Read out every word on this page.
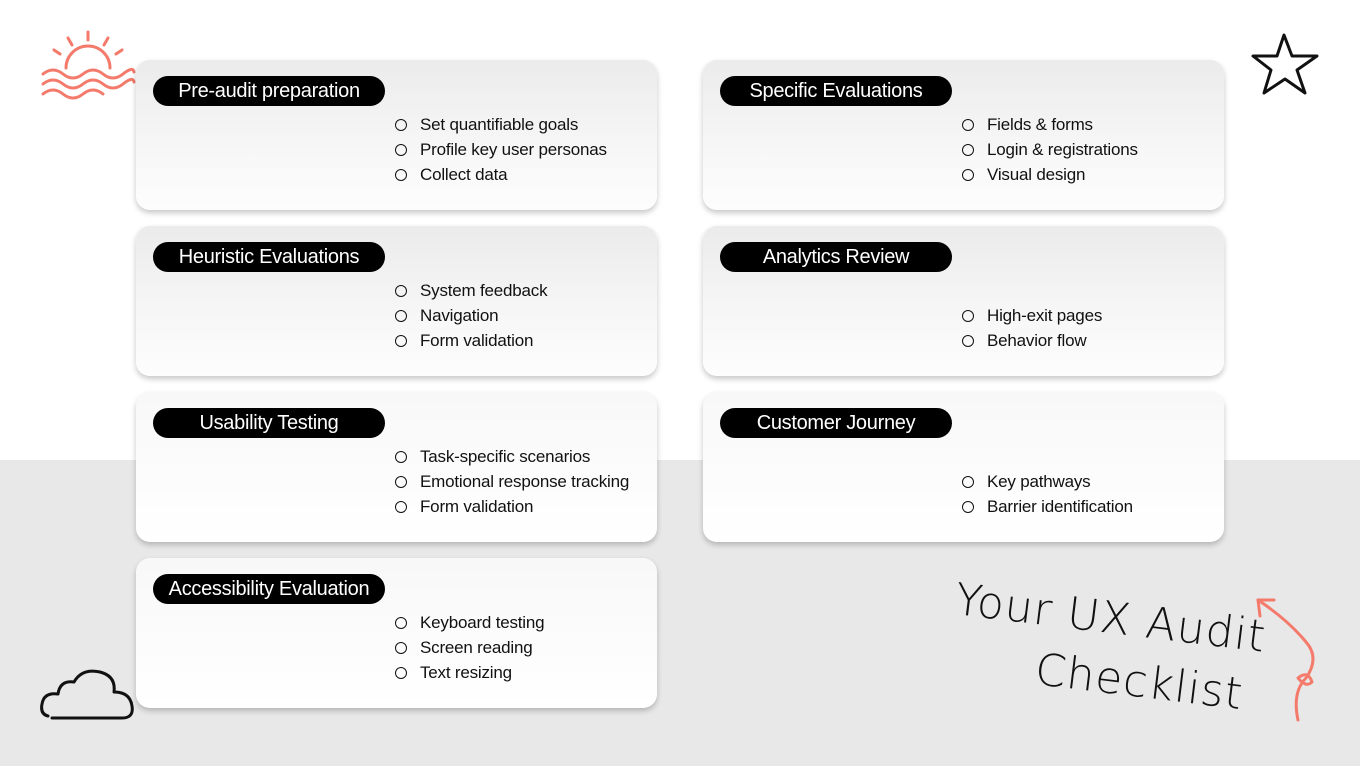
Pre-audit preparation
Set quantifiable goals
Profile key user personas
Collect data
Heuristic Evaluations
System feedback
Navigation
Form validation
Usability Testing
Task-specific scenarios
Emotional response tracking
Form validation
Accessibility Evaluation
Keyboard testing
Screen reading
Text resizing
Specific Evaluations
Fields & forms
Login & registrations
Visual design
Analytics Review
High-exit pages
Behavior flow
Customer Journey
Key pathways
Barrier identification
Your UX Audit
Checklist
